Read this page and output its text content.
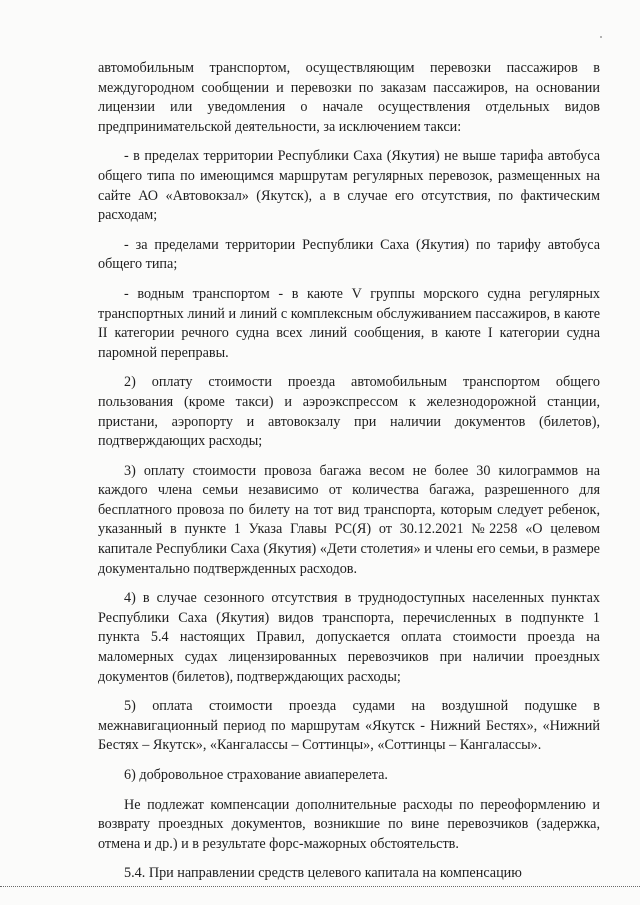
автомобильным транспортом, осуществляющим перевозки пассажиров в междугородном сообщении и перевозки по заказам пассажиров, на основании лицензии или уведомления о начале осуществления отдельных видов предпринимательской деятельности, за исключением такси:

- в пределах территории Республики Саха (Якутия) не выше тарифа автобуса общего типа по имеющимся маршрутам регулярных перевозок, размещенных на сайте АО «Автовокзал» (Якутск), а в случае его отсутствия, по фактическим расходам;

- за пределами территории Республики Саха (Якутия) по тарифу автобуса общего типа;

- водным транспортом - в каюте V группы морского судна регулярных транспортных линий и линий с комплексным обслуживанием пассажиров, в каюте II категории речного судна всех линий сообщения, в каюте I категории судна паромной переправы.

2) оплату стоимости проезда автомобильным транспортом общего пользования (кроме такси) и аэроэкспрессом к железнодорожной станции, пристани, аэропорту и автовокзалу при наличии документов (билетов), подтверждающих расходы;

3) оплату стоимости провоза багажа весом не более 30 килограммов на каждого члена семьи независимо от количества багажа, разрешенного для бесплатного провоза по билету на тот вид транспорта, которым следует ребенок, указанный в пункте 1 Указа Главы РС(Я) от 30.12.2021 №2258 «О целевом капитале Республики Саха (Якутия) «Дети столетия» и члены его семьи, в размере документально подтвержденных расходов.

4) в случае сезонного отсутствия в труднодоступных населенных пунктах Республики Саха (Якутия) видов транспорта, перечисленных в подпункте 1 пункта 5.4 настоящих Правил, допускается оплата стоимости проезда на маломерных судах лицензированных перевозчиков при наличии проездных документов (билетов), подтверждающих расходы;

5) оплата стоимости проезда судами на воздушной подушке в межнавигационный период по маршрутам «Якутск - Нижний Бестях», «Нижний Бестях – Якутск», «Кангалассы – Соттинцы», «Соттинцы – Кангалассы».

6) добровольное страхование авиаперелета.

Не подлежат компенсации дополнительные расходы по переоформлению и возврату проездных документов, возникшие по вине перевозчиков (задержка, отмена и др.) и в результате форс-мажорных обстоятельств.

5.4. При направлении средств целевого капитала на компенсацию
